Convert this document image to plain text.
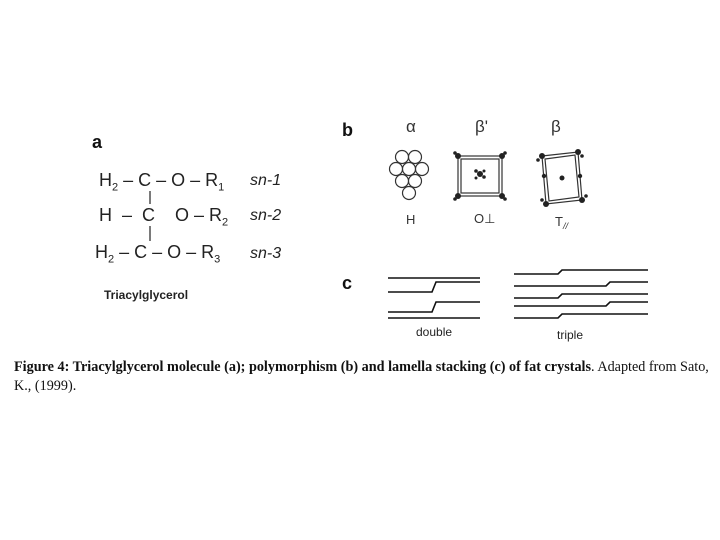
a
$H_2$ – C – O – $R_1$ sn-1
H  –  C    O – $R_2$ sn-2
$H_2$ – C – O – $R_3$ sn-3
Triacylglycerol
b	α	β'	β
H	O⊥	$T_{//}$
c
double	triple
Figure 4: Triacylglycerol molecule (a); polymorphism (b) and lamella stacking (c) of fat crystals. Adapted from Sato, K., (1999).
